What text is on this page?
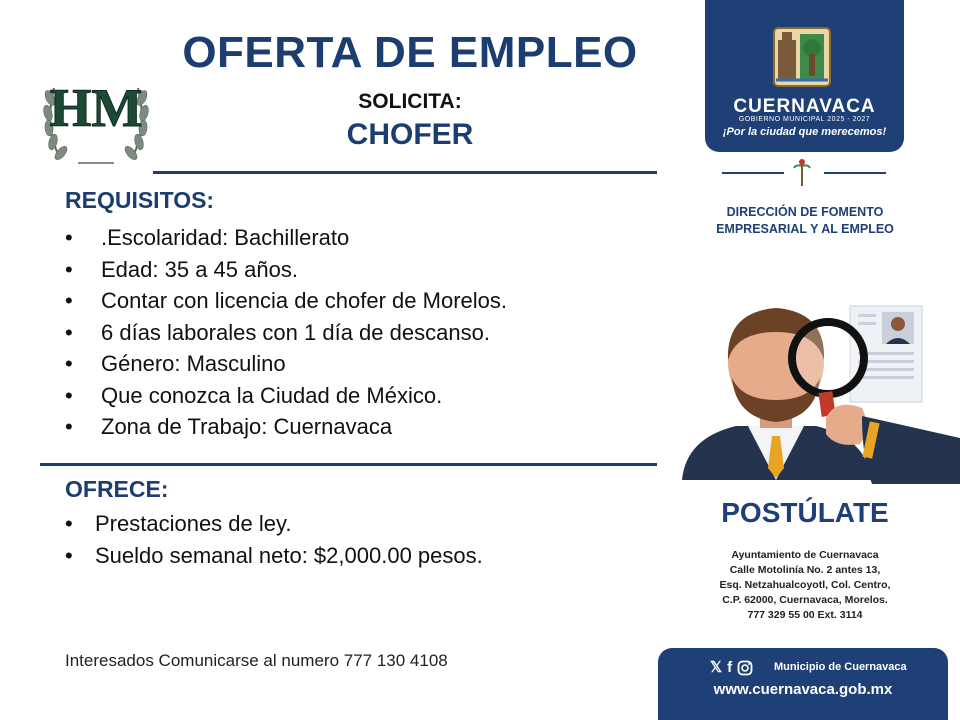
HM
OFERTA DE EMPLEO
SOLICITA:
CHOFER
REQUISITOS:
• .Escolaridad: Bachillerato
• Edad: 35 a 45 años.
• Contar con licencia de chofer de Morelos.
• 6 días laborales con 1 día de descanso.
• Género: Masculino
• Que conozca la Ciudad de México.
• Zona de Trabajo: Cuernavaca
OFRECE:
• Prestaciones de ley.
• Sueldo semanal neto: $2,000.00 pesos.
Interesados Comunicarse al numero 777 130 4108
CUERNAVACA
GOBIERNO MUNICIPAL 2025 - 2027
¡Por la ciudad que merecemos!
DIRECCIÓN DE FOMENTO
EMPRESARIAL Y AL EMPLEO
POSTÚLATE
Ayuntamiento de Cuernavaca
Calle Motolinía No. 2 antes 13,
Esq. Netzahualcoyotl, Col. Centro,
C.P. 62000, Cuernavaca, Morelos.
777 329 55 00 Ext. 3114
𝕏 f	Municipio de Cuernavaca
www.cuernavaca.gob.mx
